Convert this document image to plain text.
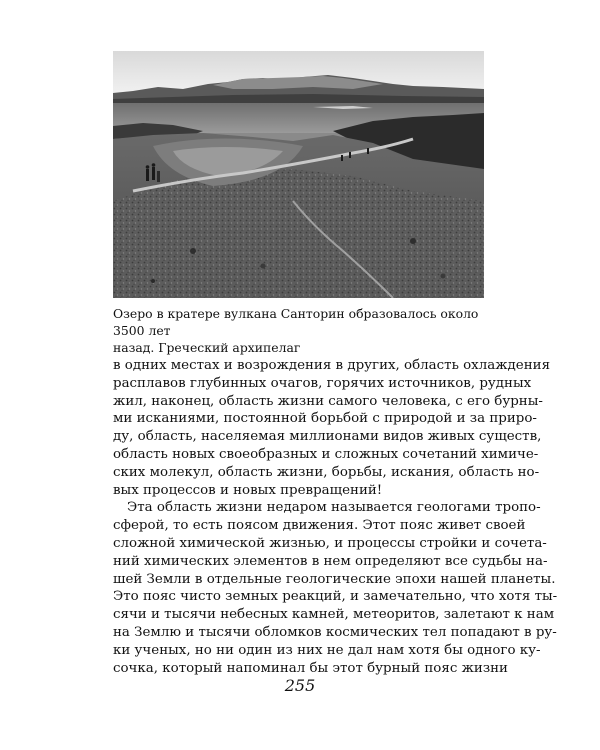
Озеро в кратере вулкана Санторин образовалось около 3500 лет
назад. Греческий архипелаг
в одних местах и возрождения в других, область охлаждения
расплавов глубинных очагов, горячих источников, рудных
жил, наконец, область жизни самого человека, с его бурны-
ми исканиями, постоянной борьбой с природой и за приро-
ду, область, населяемая миллионами видов живых существ,
область новых своеобразных и сложных сочетаний химиче-
ских молекул, область жизни, борьбы, искания, область но-
вых процессов и новых превращений!
Эта область жизни недаром называется геологами тропо-
сферой, то есть поясом движения. Этот пояс живет своей
сложной химической жизнью, и процессы стройки и сочета-
ний химических элементов в нем определяют все судьбы на-
шей Земли в отдельные геологические эпохи нашей планеты.
Это пояс чисто земных реакций, и замечательно, что хотя ты-
сячи и тысячи небесных камней, метеоритов, залетают к нам
на Землю и тысячи обломков космических тел попадают в ру-
ки ученых, но ни один из них не дал нам хотя бы одного ку-
сочка, который напоминал бы этот бурный пояс жизни
255
